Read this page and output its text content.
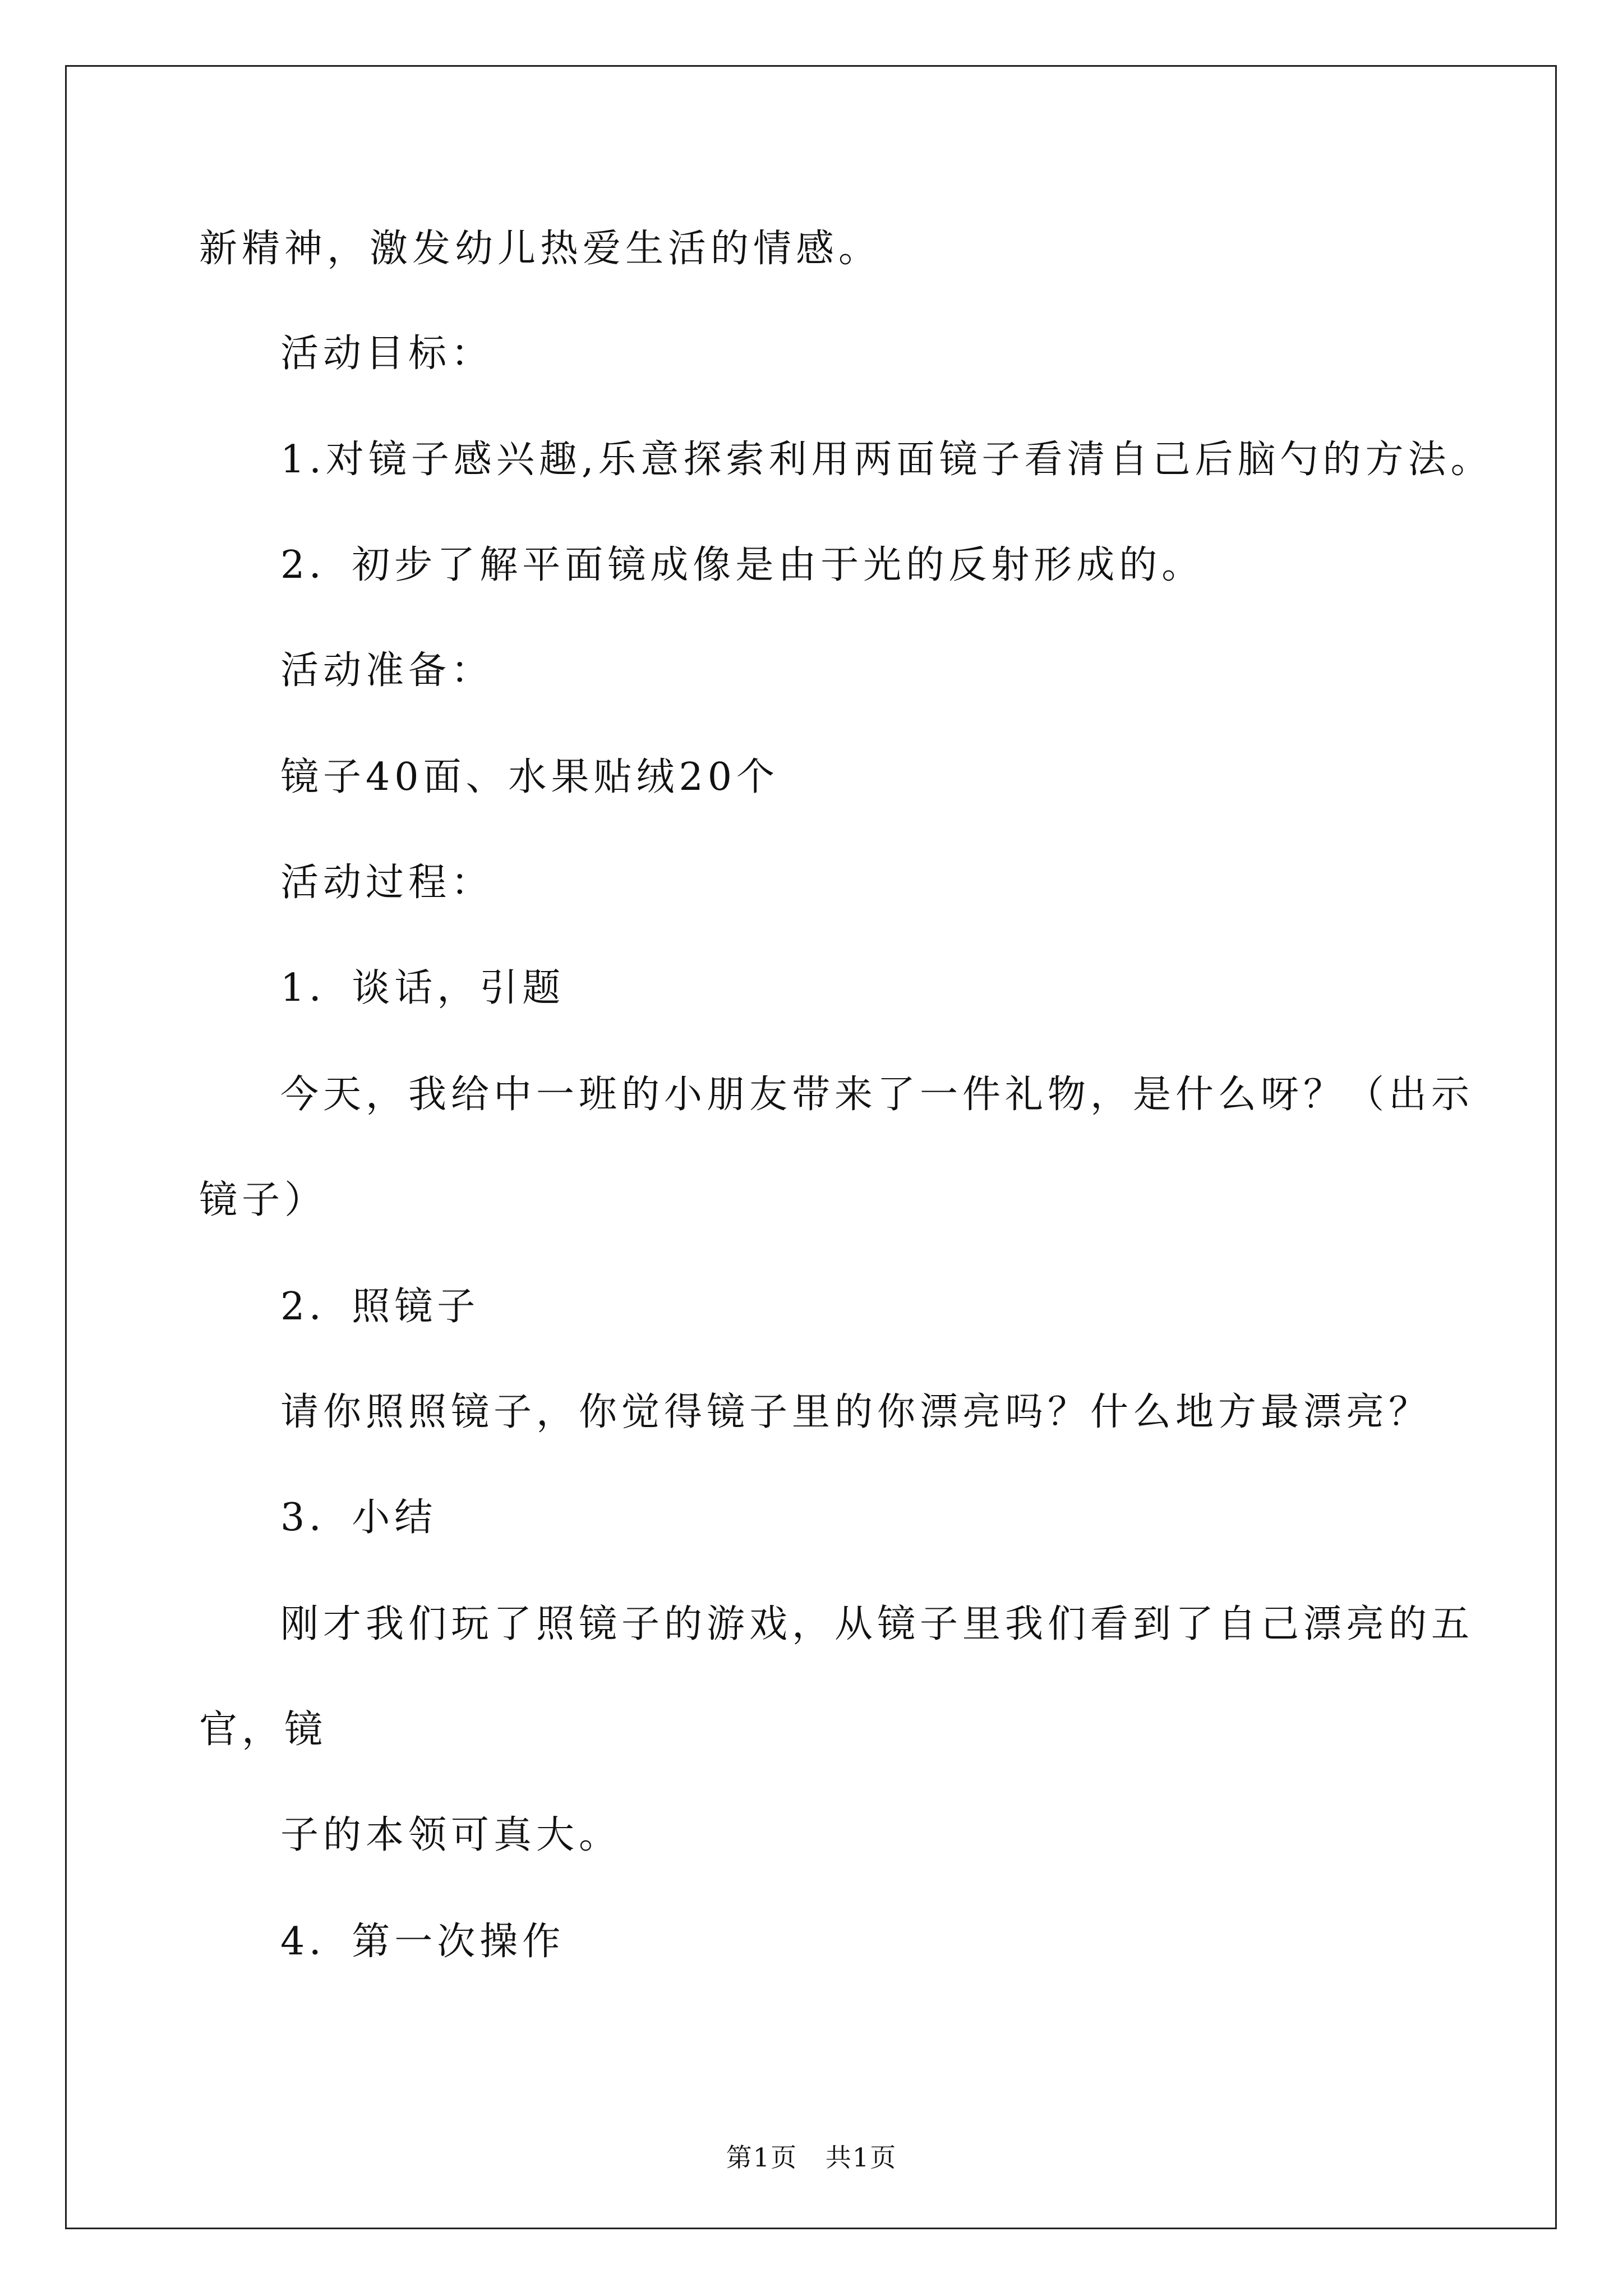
新精神，激发幼儿热爱生活的情感。
活动目标：
1.对镜子感兴趣,乐意探索利用两面镜子看清自己后脑勺的方法。
2．初步了解平面镜成像是由于光的反射形成的。
活动准备：
镜子40面、水果贴绒20个
活动过程：
1．谈话，引题
今天，我给中一班的小朋友带来了一件礼物，是什么呀？（出示
镜子）
2．照镜子
请你照照镜子，你觉得镜子里的你漂亮吗？什么地方最漂亮？
3．小结
刚才我们玩了照镜子的游戏，从镜子里我们看到了自己漂亮的五
官，镜
子的本领可真大。
4．第一次操作
第1页   共1页
